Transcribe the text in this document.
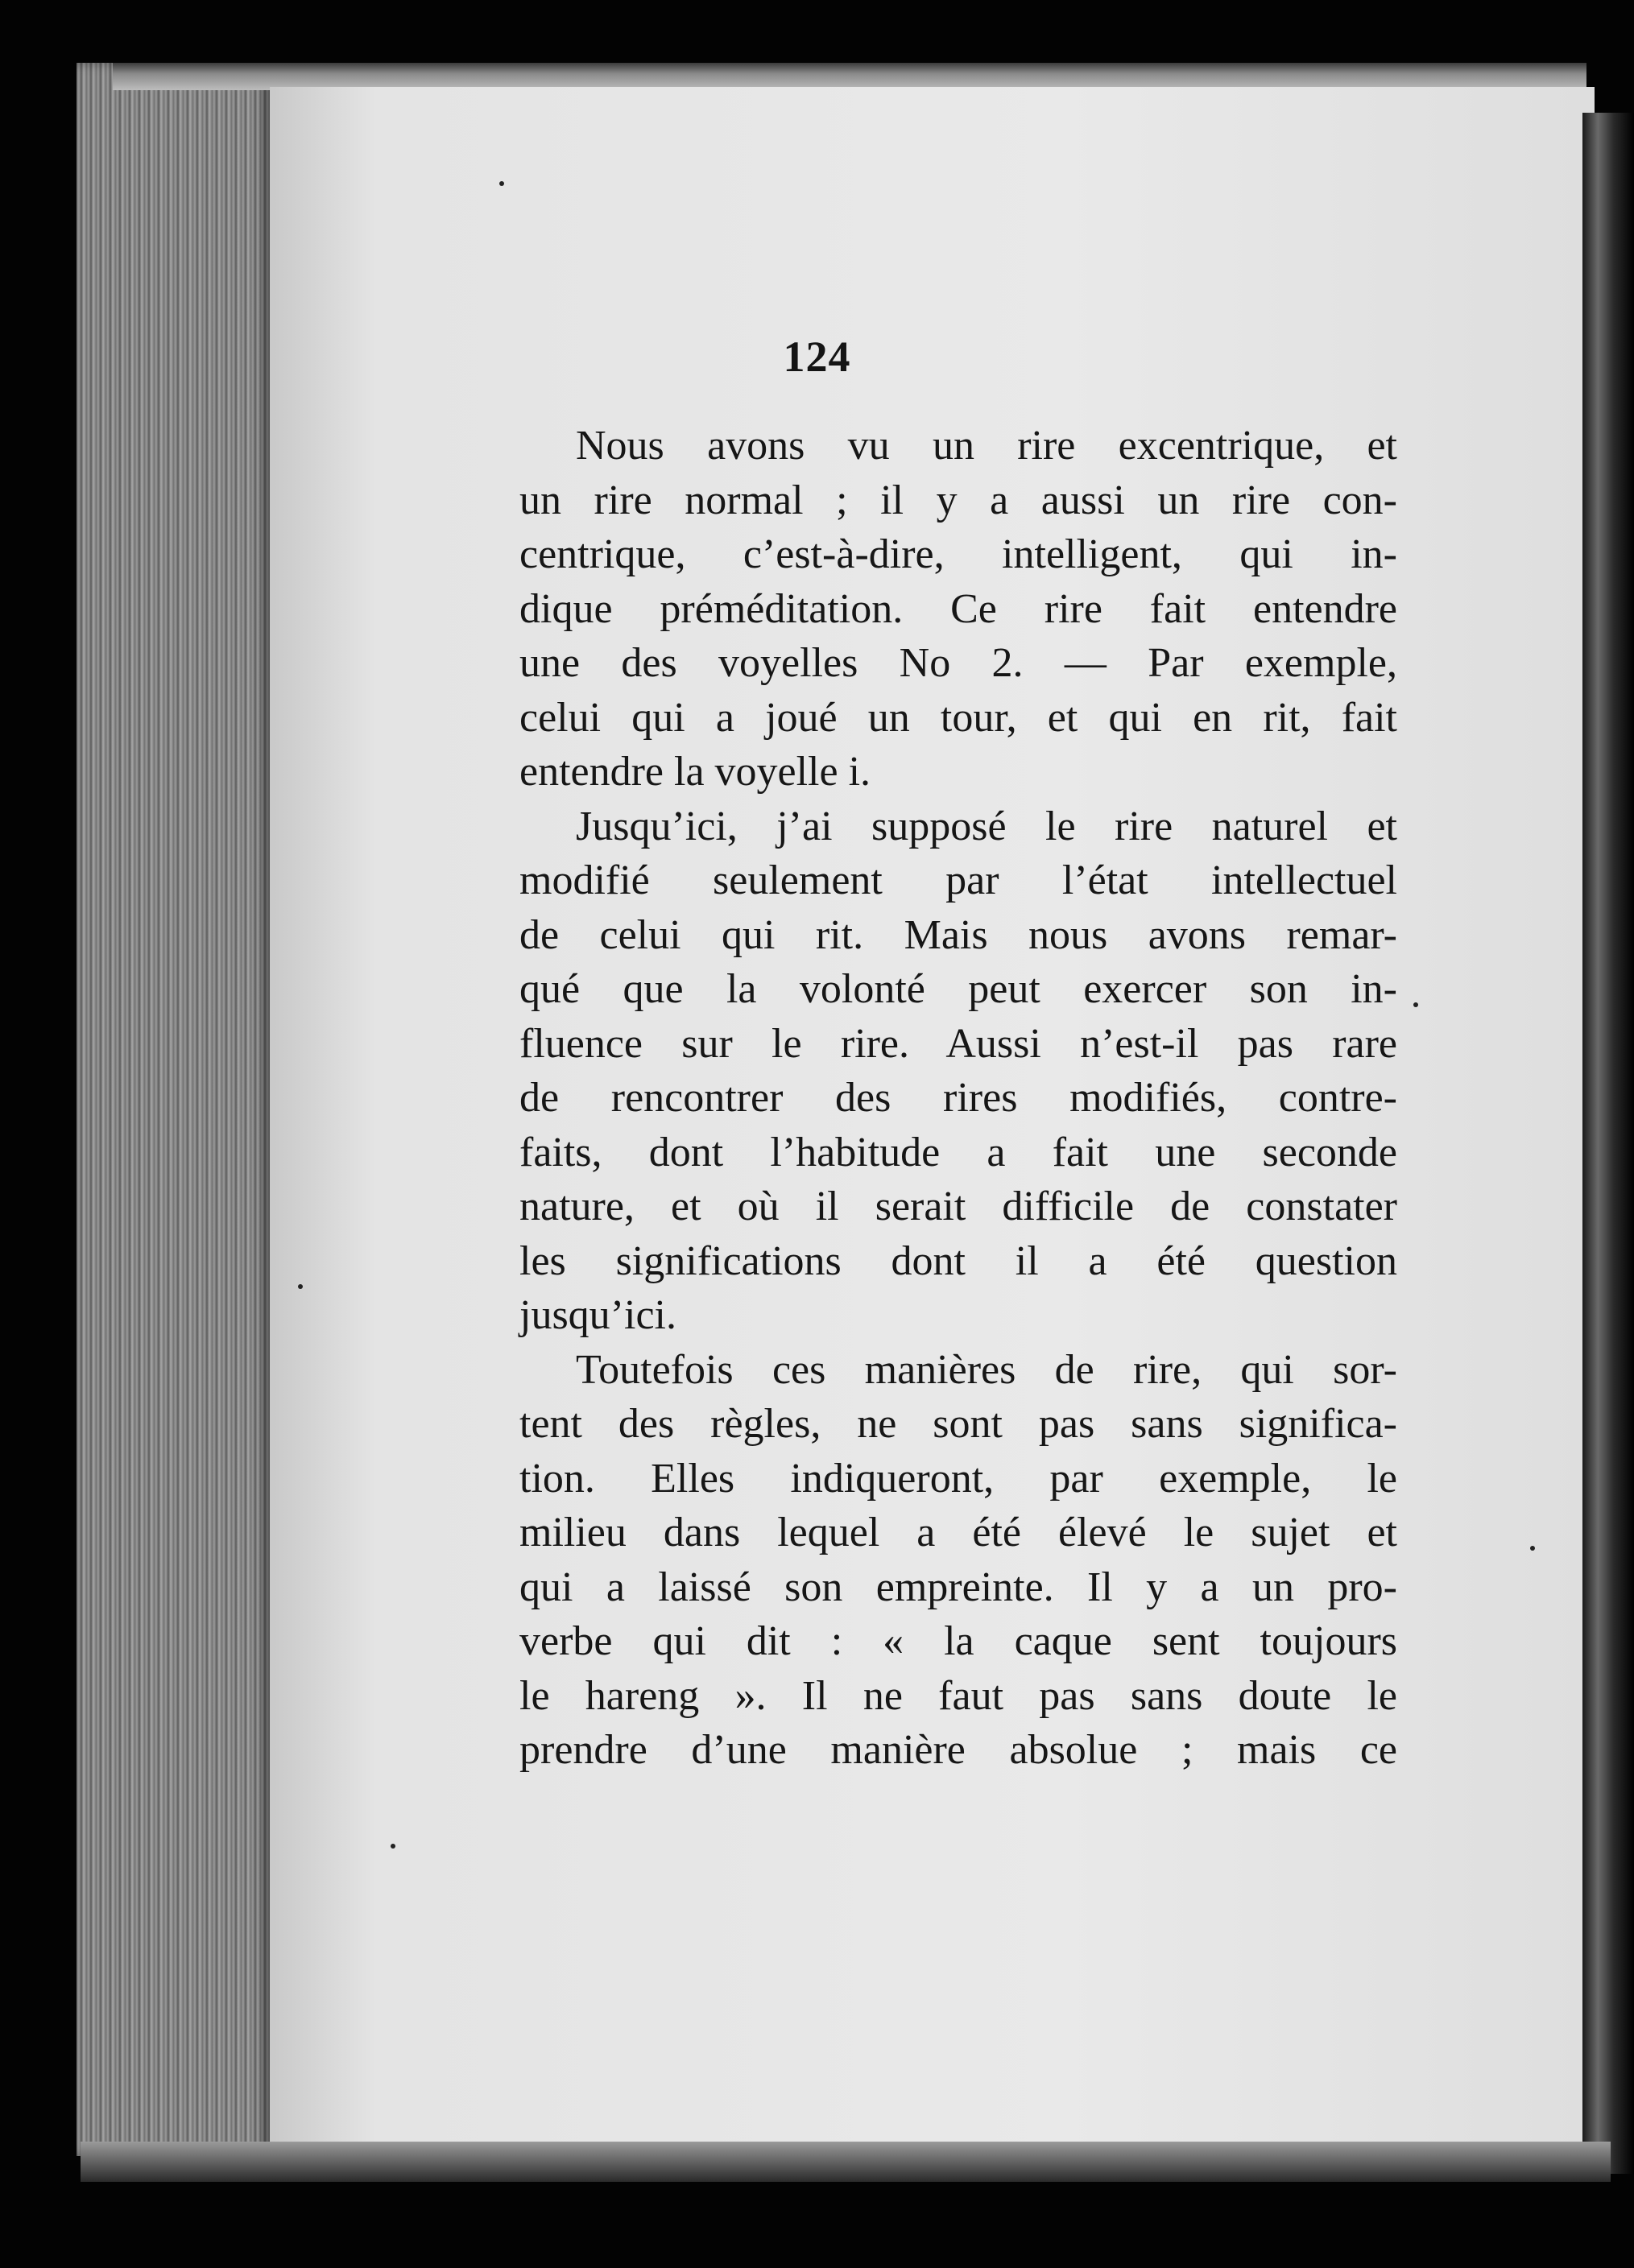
124
Nous avons vu un rire excentrique, et
un rire normal ; il y a aussi un rire con-
centrique, c’est-à-dire, intelligent, qui in-
dique préméditation. Ce rire fait entendre
une des voyelles No 2. — Par exemple,
celui qui a joué un tour, et qui en rit, fait
entendre la voyelle i.
Jusqu’ici, j’ai supposé le rire naturel et
modifié seulement par l’état intellectuel
de celui qui rit. Mais nous avons remar-
qué que la volonté peut exercer son in-
fluence sur le rire. Aussi n’est-il pas rare
de rencontrer des rires modifiés, contre-
faits, dont l’habitude a fait une seconde
nature, et où il serait difficile de constater
les significations dont il a été question
jusqu’ici.
Toutefois ces manières de rire, qui sor-
tent des règles, ne sont pas sans significa-
tion. Elles indiqueront, par exemple, le
milieu dans lequel a été élevé le sujet et
qui a laissé son empreinte. Il y a un pro-
verbe qui dit : « la caque sent toujours
le hareng ». Il ne faut pas sans doute le
prendre d’une manière absolue ; mais ce
